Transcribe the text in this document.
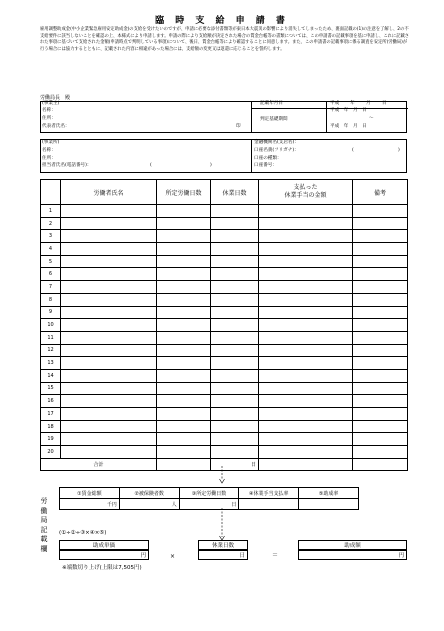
臨 時 支 給 申 請 書
雇用調整助成金(中小企業緊急雇用安定助成金)の支給を受けたいのですが、申請に必要な添付書類等が東日本大震災の影響により消失してしまったため、裏面記載の(1)の注意を了解し、2の不支給要件に該当しないことを確認の上、本様式により申請します。申請の際により支給額が決定された場合の賃金台帳等の書類については、この申請書の記載事項を基に申請し、これに記載された事項に基づいて支給された金額(申請時点で判明している事項)について、後日、賃金台帳等により確認することに同意します。また、この申請書の記載事項に係る調査を安定所(労働局)が行う場合には協力するとともに、記載された内容に相違があった場合には、支給額の変更又は返還に応じることを誓約します。
労働局長　殿
(事業主)
名称：
住所：
代表者氏名：	印
記載年月日	平成 年 月 日
判定基礎期間
平成　年　月　日
～
平成　年　月　日
(事業所)
名称：
住所：
担当者氏名(電話番号)：	(	)
金融機関名(支店名)：
口座名義(フリガナ)：	(	)
口座の種類：
口座番号：
	労働者氏名	所定労働日数	休業日数	支払った
休業手当の金額	備考
1					
2					
3					
4					
5					
6					
7					
8					
9					
10					
11					
12					
13					
14					
15					
16					
17					
18					
19					
20					
合計			日		
労働局記載欄
①賃金総額	②被保険者数	③所定労働日数	④休業手当支払率	⑤助成率
千円	人	日		
(①÷②÷③×④×⑤)
助成単価
円	×
休業日数
日	＝
助成額
円
※端数切り上げ(上限は7,505円)
